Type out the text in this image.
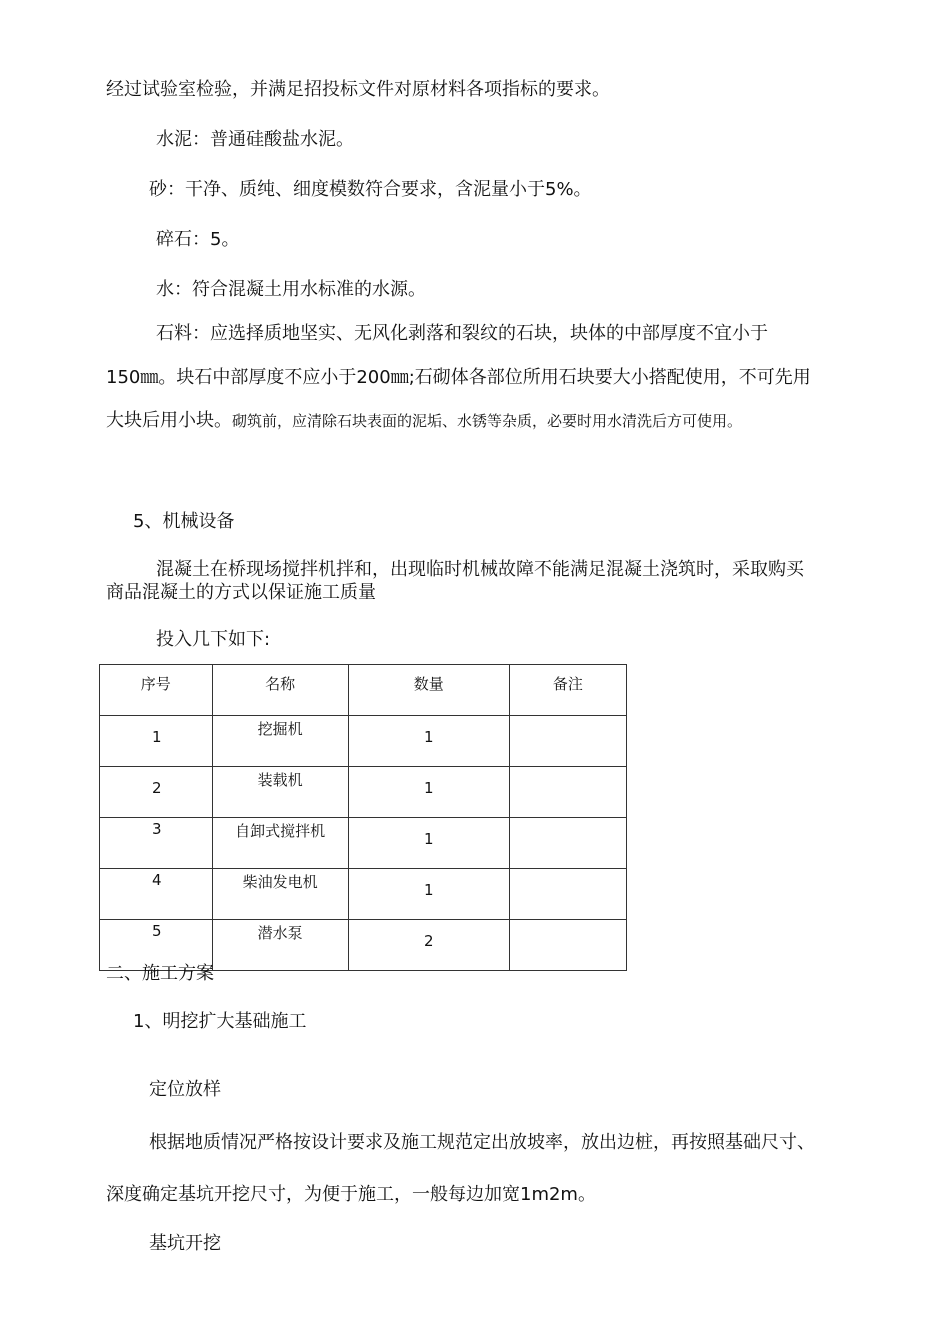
经过试验室检验，并满足招投标文件对原材料各项指标的要求。
水泥：普通硅酸盐水泥。
砂：干净、质纯、细度模数符合要求，含泥量小于5%。
碎石：5。
水：符合混凝土用水标准的水源。
石料：应选择质地坚实、无风化剥落和裂纹的石块，块体的中部厚度不宜小于
150㎜。块石中部厚度不应小于200㎜;石砌体各部位所用石块要大小搭配使用，不可先用
大块后用小块。砌筑前，应清除石块表面的泥垢、水锈等杂质，必要时用水清洗后方可使用。
5、机械设备
混凝土在桥现场搅拌机拌和，出现临时机械故障不能满足混凝土浇筑时，采取购买
商品混凝土的方式以保证施工质量
投入几下如下:
序号	名称	数量	备注
1	挖掘机	1	
2	装载机	1	
3	自卸式搅拌机	1	
4	柴油发电机	1	
5	潜水泵	2	
二、施工方案
1、明挖扩大基础施工
定位放样
根据地质情况严格按设计要求及施工规范定出放坡率，放出边桩，再按照基础尺寸、
深度确定基坑开挖尺寸，为便于施工，一般每边加宽1m2m。
基坑开挖
